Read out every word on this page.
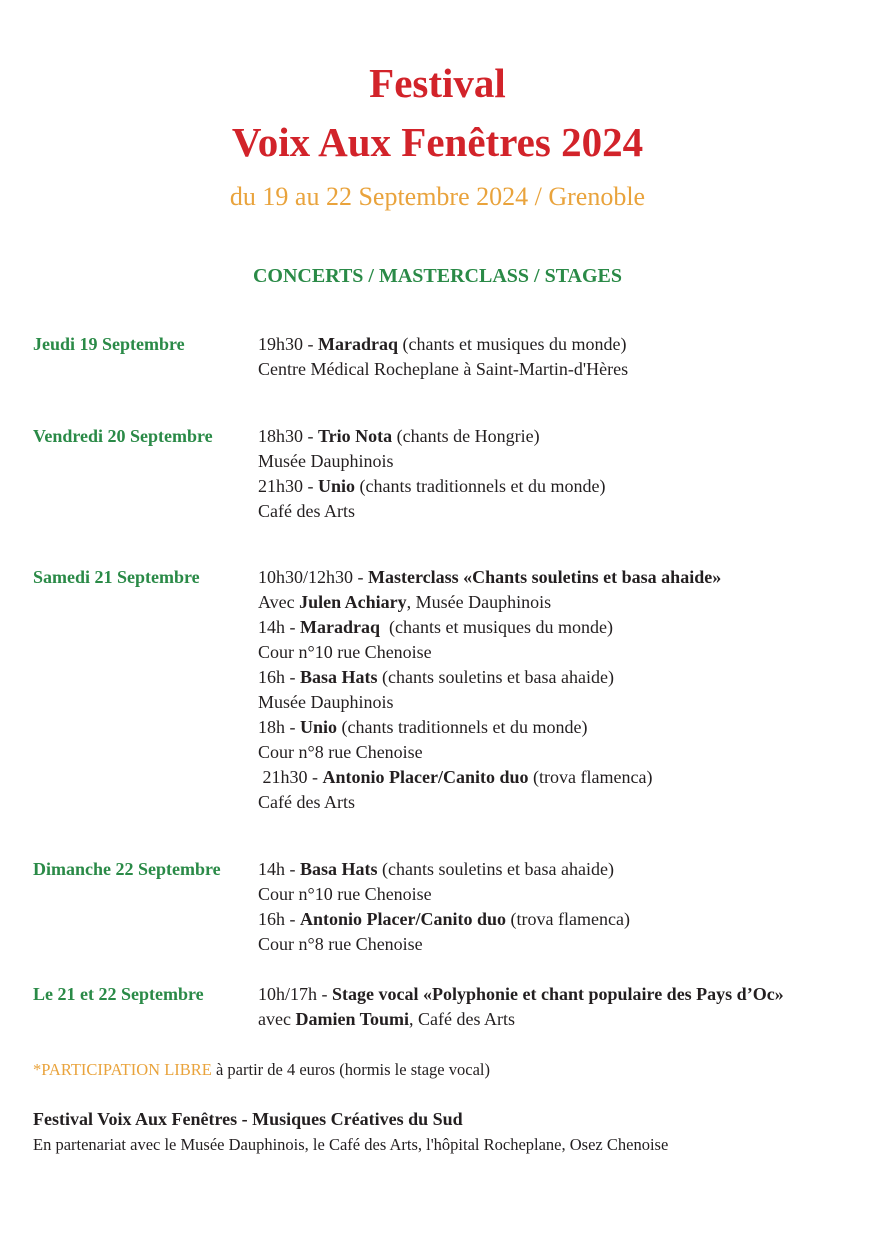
Festival
Voix Aux Fenêtres 2024

du 19 au 22 Septembre 2024 / Grenoble

CONCERTS / MASTERCLASS / STAGES

Jeudi 19 Septembre	19h30 - Maradraq (chants et musiques du monde)
Centre Médical Rocheplane à Saint-Martin-d'Hères
Vendredi 20 Septembre	18h30 - Trio Nota (chants de Hongrie)
Musée Dauphinois
21h30 - Unio (chants traditionnels et du monde)
Café des Arts
Samedi 21 Septembre	10h30/12h30 - Masterclass «Chants souletins et basa ahaide»
Avec Julen Achiary, Musée Dauphinois
14h - Maradraq  (chants et musiques du monde)
Cour n°10 rue Chenoise
16h - Basa Hats (chants souletins et basa ahaide)
Musée Dauphinois
18h - Unio (chants traditionnels et du monde)
Cour n°8 rue Chenoise
21h30 - Antonio Placer/Canito duo (trova flamenca)
Café des Arts
Dimanche 22 Septembre 14h - Basa Hats (chants souletins et basa ahaide)
Cour n°10 rue Chenoise
16h - Antonio Placer/Canito duo (trova flamenca)
Cour n°8 rue Chenoise
Le 21 et 22 Septembre	10h/17h - Stage vocal «Polyphonie et chant populaire des Pays d’Oc» avec Damien Toumi, Café des Arts
*PARTICIPATION LIBRE à partir de 4 euros (hormis le stage vocal)
Festival Voix Aux Fenêtres - Musiques Créatives du Sud
En partenariat avec le Musée Dauphinois, le Café des Arts, l'hôpital Rocheplane, Osez Chenoise
